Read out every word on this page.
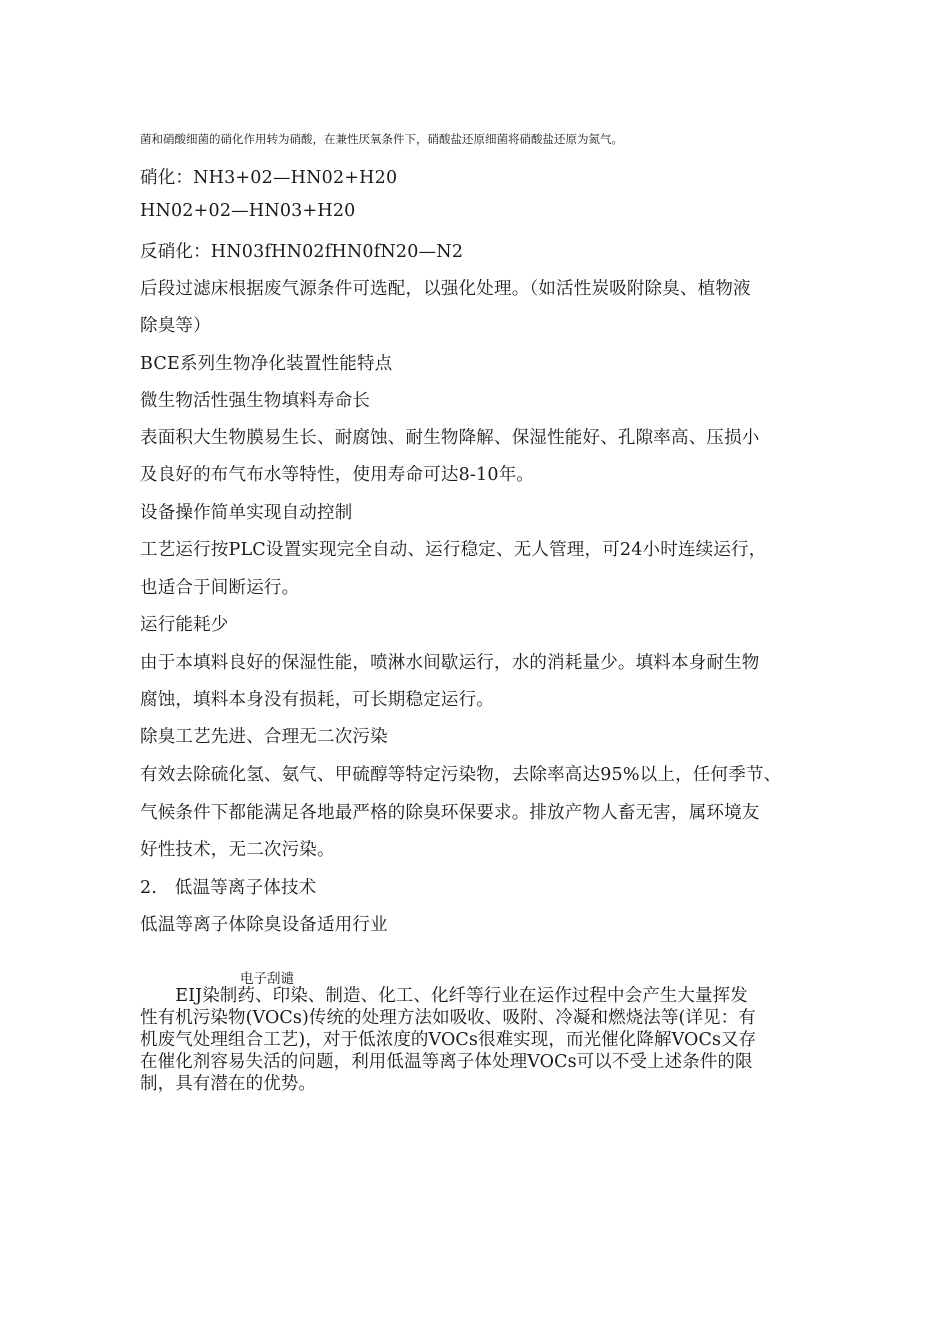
菌和硝酸细菌的硝化作用转为硝酸，在兼性厌氧条件下，硝酸盐还原细菌将硝酸盐还原为氮气。
硝化：NH3+02—HN02+H20
HN02+02—HN03+H20
反硝化：HN03fHN02fHN0fN20—N2
后段过滤床根据废气源条件可选配，以强化处理。（如活性炭吸附除臭、植物液
除臭等）
BCE系列生物净化装置性能特点
微生物活性强生物填料寿命长
表面积大生物膜易生长、耐腐蚀、耐生物降解、保湿性能好、孔隙率高、压损小
及良好的布气布水等特性，使用寿命可达8-10年。
设备操作简单实现自动控制
工艺运行按PLC设置实现完全自动、运行稳定、无人管理，可24小时连续运行，
也适合于间断运行。
运行能耗少
由于本填料良好的保湿性能，喷淋水间歇运行，水的消耗量少。填料本身耐生物
腐蚀，填料本身没有损耗，可长期稳定运行。
除臭工艺先进、合理无二次污染
有效去除硫化氢、氨气、甲硫醇等特定污染物，去除率高达95%以上，任何季节、
气候条件下都能满足各地最严格的除臭环保要求。排放产物人畜无害，属环境友
好性技术，无二次污染。
2.　低温等离子体技术
低温等离子体除臭设备适用行业
电子刮谴
　　EIJ染制药、印染、制造、化工、化纤等行业在运作过程中会产生大量挥发
性有机污染物(VOCs)传统的处理方法如吸收、吸附、冷凝和燃烧法等(详见：有
机废气处理组合工艺)，对于低浓度的VOCs很难实现，而光催化降解VOCs又存
在催化剂容易失活的问题，利用低温等离子体处理VOCs可以不受上述条件的限
制，具有潜在的优势。
